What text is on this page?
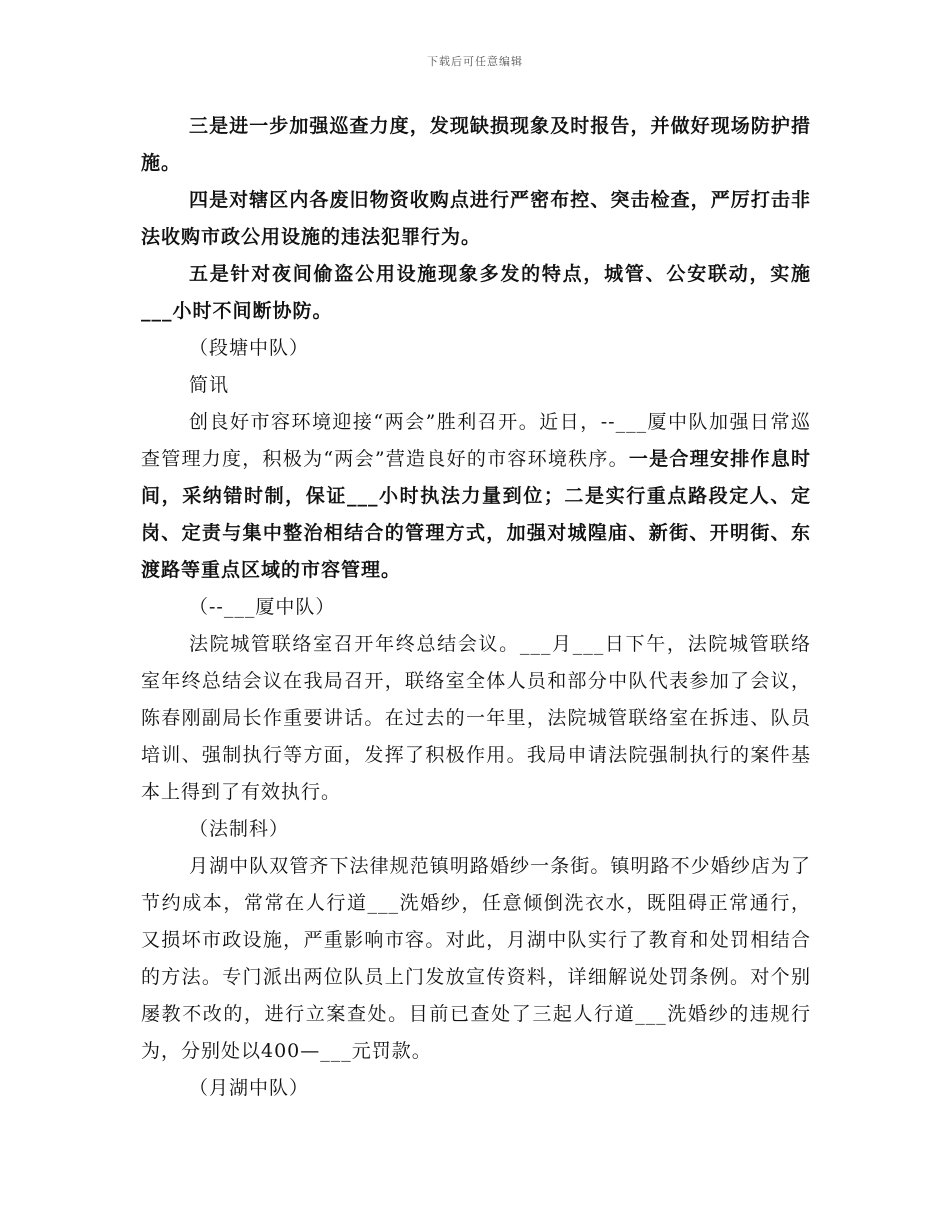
下载后可任意编辑

三是进一步加强巡查力度，发现缺损现象及时报告，并做好现场防护措施。

四是对辖区内各废旧物资收购点进行严密布控、突击检查，严厉打击非法收购市政公用设施的违法犯罪行为。

五是针对夜间偷盗公用设施现象多发的特点，城管、公安联动，实施___小时不间断协防。

（段塘中队）

简讯

创良好市容环境迎接“两会”胜利召开。近日，--___厦中队加强日常巡查管理力度，积极为“两会”营造良好的市容环境秩序。一是合理安排作息时间，采纳错时制，保证___小时执法力量到位；二是实行重点路段定人、定岗、定责与集中整治相结合的管理方式，加强对城隍庙、新街、开明街、东渡路等重点区域的市容管理。

（--___厦中队）

法院城管联络室召开年终总结会议。___月___日下午，法院城管联络室年终总结会议在我局召开，联络室全体人员和部分中队代表参加了会议，陈春刚副局长作重要讲话。在过去的一年里，法院城管联络室在拆违、队员培训、强制执行等方面，发挥了积极作用。我局申请法院强制执行的案件基本上得到了有效执行。

（法制科）

月湖中队双管齐下法律规范镇明路婚纱一条街。镇明路不少婚纱店为了节约成本，常常在人行道___洗婚纱，任意倾倒洗衣水，既阻碍正常通行，又损坏市政设施，严重影响市容。对此，月湖中队实行了教育和处罚相结合的方法。专门派出两位队员上门发放宣传资料，详细解说处罚条例。对个别屡教不改的，进行立案查处。目前已查处了三起人行道___洗婚纱的违规行为，分别处以400—___元罚款。

（月湖中队）
